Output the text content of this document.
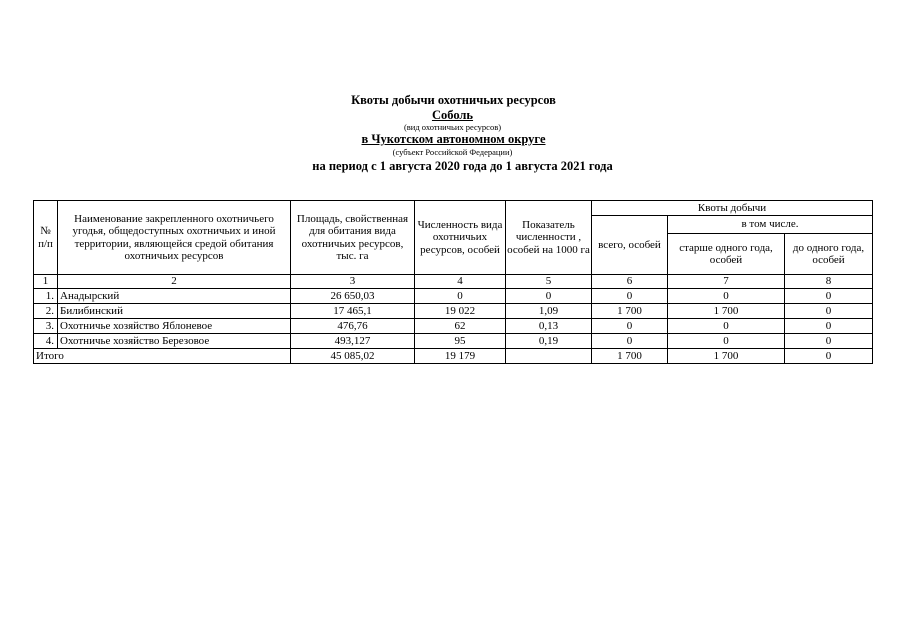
Квоты добычи охотничьих ресурсов
Соболь
(вид охотничьих ресурсов)
в Чукотском автономном округе
(субъект Российской Федерации)
на период с 1 августа 2020 года до 1 августа 2021 года
№ п/п	Наименование закрепленного охотничьего угодья, общедоступных охотничьих и иной территории, являющейся средой обитания охотничьих ресурсов	Площадь, свойственная для обитания вида охотничьих ресурсов, тыс. га	Численность вида охотничьих ресурсов, особей	Показатель численности , особей на 1000 га	Квоты добычи		
					всего, особей	в том числе.	
						старше одного года, особей	до одного года, особей
1	2	3	4	5	6	7	8
1.	Анадырский	26 650,03	0	0	0	0	0
2.	Билибинский	17 465,1	19 022	1,09	1 700	1 700	0
3.	Охотничье хозяйство Яблоневое	476,76	62	0,13	0	0	0
4.	Охотничье хозяйство Березовое	493,127	95	0,19	0	0	0
Итого		45 085,02	19 179		1 700	1 700	0
